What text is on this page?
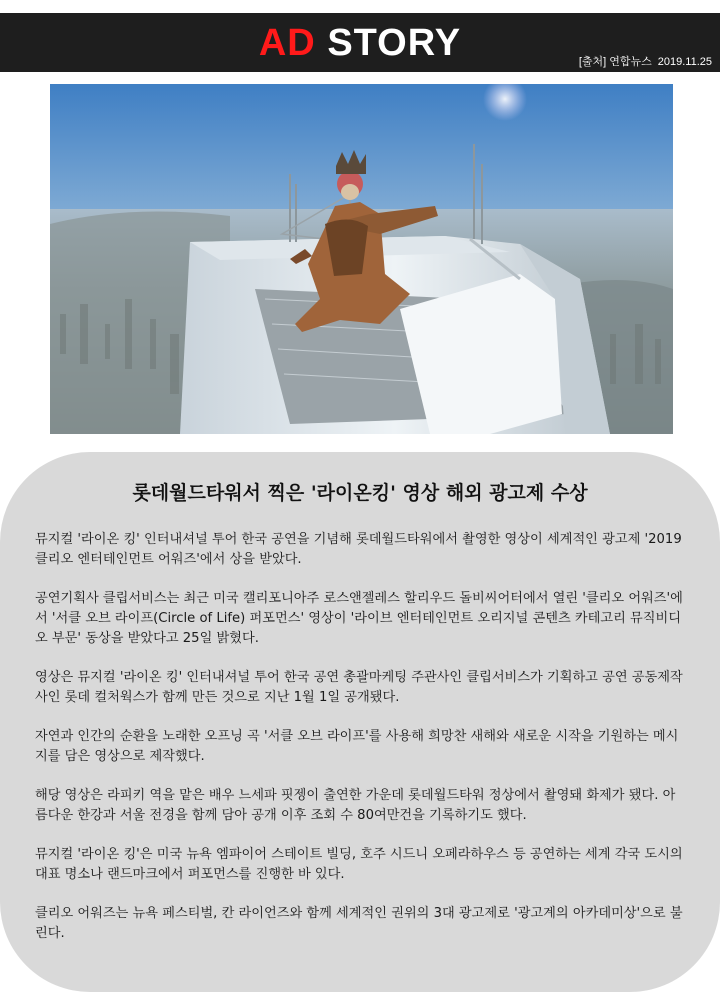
AD STORY	[출처] 연합뉴스 2019.11.25
롯데월드타워서 찍은 '라이온킹' 영상 해외 광고제 수상

뮤지컬 '라이온 킹' 인터내셔널 투어 한국 공연을 기념해 롯데월드타워에서 촬영한 영상이 세계적인 광고제 '2019 클리오 엔터테인먼트 어워즈'에서 상을 받았다.

공연기획사 클립서비스는 최근 미국 캘리포니아주 로스앤젤레스 할리우드 돌비씨어터에서 열린 '클리오 어워즈'에서 '서클 오브 라이프(Circle of Life) 퍼포먼스' 영상이 '라이브 엔터테인먼트 오리지널 콘텐츠 카테고리 뮤직비디오 부문' 동상을 받았다고 25일 밝혔다.

영상은 뮤지컬 '라이온 킹' 인터내셔널 투어 한국 공연 총괄마케팅 주관사인 클립서비스가 기획하고 공연 공동제작사인 롯데 컬처웍스가 함께 만든 것으로 지난 1월 1일 공개됐다.

자연과 인간의 순환을 노래한 오프닝 곡 '서클 오브 라이프'를 사용해 희망찬 새해와 새로운 시작을 기원하는 메시지를 담은 영상으로 제작했다.

해당 영상은 라피키 역을 맡은 배우 느세파 핏젱이 출연한 가운데 롯데월드타워 정상에서 촬영돼 화제가 됐다. 아름다운 한강과 서울 전경을 함께 담아 공개 이후 조회 수 80여만건을 기록하기도 했다.

뮤지컬 '라이온 킹'은 미국 뉴욕 엠파이어 스테이트 빌딩, 호주 시드니 오페라하우스 등 공연하는 세계 각국 도시의 대표 명소나 랜드마크에서 퍼포먼스를 진행한 바 있다.

클리오 어워즈는 뉴욕 페스티벌, 칸 라이언즈와 함께 세계적인 권위의 3대 광고제로 '광고계의 아카데미상'으로 불린다.
